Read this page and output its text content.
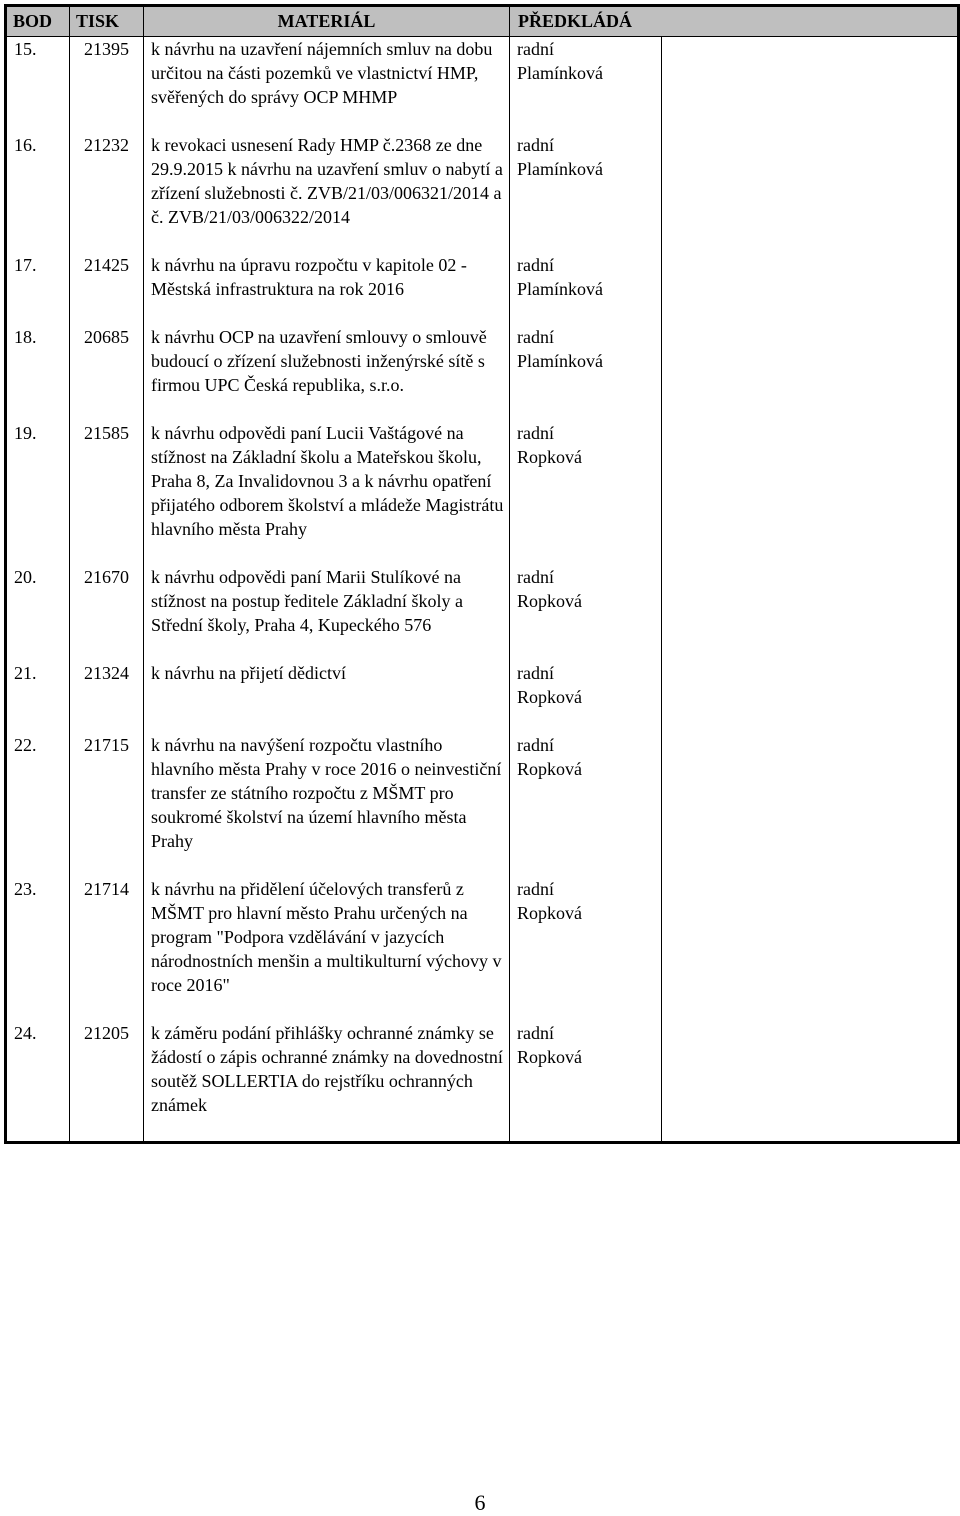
BOD	TISK	MATERIÁL	PŘEDKLÁDÁ	
15.	21395	k návrhu na uzavření nájemních smluv na dobu určitou na části pozemků ve vlastnictví HMP, svěřených do správy OCP MHMP	radní
Plamínková	

16.	21232	k revokaci usnesení Rady HMP č.2368 ze dne 29.9.2015 k návrhu na uzavření smluv o nabytí a zřízení služebnosti č. ZVB/21/03/006321/2014 a č. ZVB/21/03/006322/2014	radní
Plamínková	

17.	21425	k návrhu na úpravu rozpočtu v kapitole 02 - Městská infrastruktura na rok 2016	radní
Plamínková	

18.	20685	k návrhu OCP na uzavření smlouvy o smlouvě budoucí o zřízení služebnosti inženýrské sítě s firmou UPC Česká republika, s.r.o.	radní
Plamínková	

19.	21585	k návrhu odpovědi paní Lucii Vaštágové na stížnost na Základní školu a Mateřskou školu, Praha 8, Za Invalidovnou 3 a k návrhu opatření přijatého odborem školství a mládeže Magistrátu hlavního města Prahy	radní
Ropková	

20.	21670	k návrhu odpovědi paní Marii Stulíkové na stížnost na postup ředitele Základní školy a Střední školy, Praha 4, Kupeckého 576	radní
Ropková	

21.	21324	k návrhu na přijetí dědictví	radní
Ropková	

22.	21715	k návrhu na navýšení rozpočtu vlastního hlavního města Prahy v roce 2016 o neinvestiční transfer ze státního rozpočtu z MŠMT pro soukromé školství na území hlavního města Prahy	radní
Ropková	

23.	21714	k návrhu na přidělení účelových transferů z MŠMT pro hlavní město Prahu určených na program "Podpora vzdělávání v jazycích národnostních menšin a multikulturní výchovy v roce 2016"	radní
Ropková	

24.	21205	k záměru podání přihlášky ochranné známky se žádostí o zápis ochranné známky na dovednostní soutěž SOLLERTIA do rejstříku ochranných známek	radní
Ropková	

6
